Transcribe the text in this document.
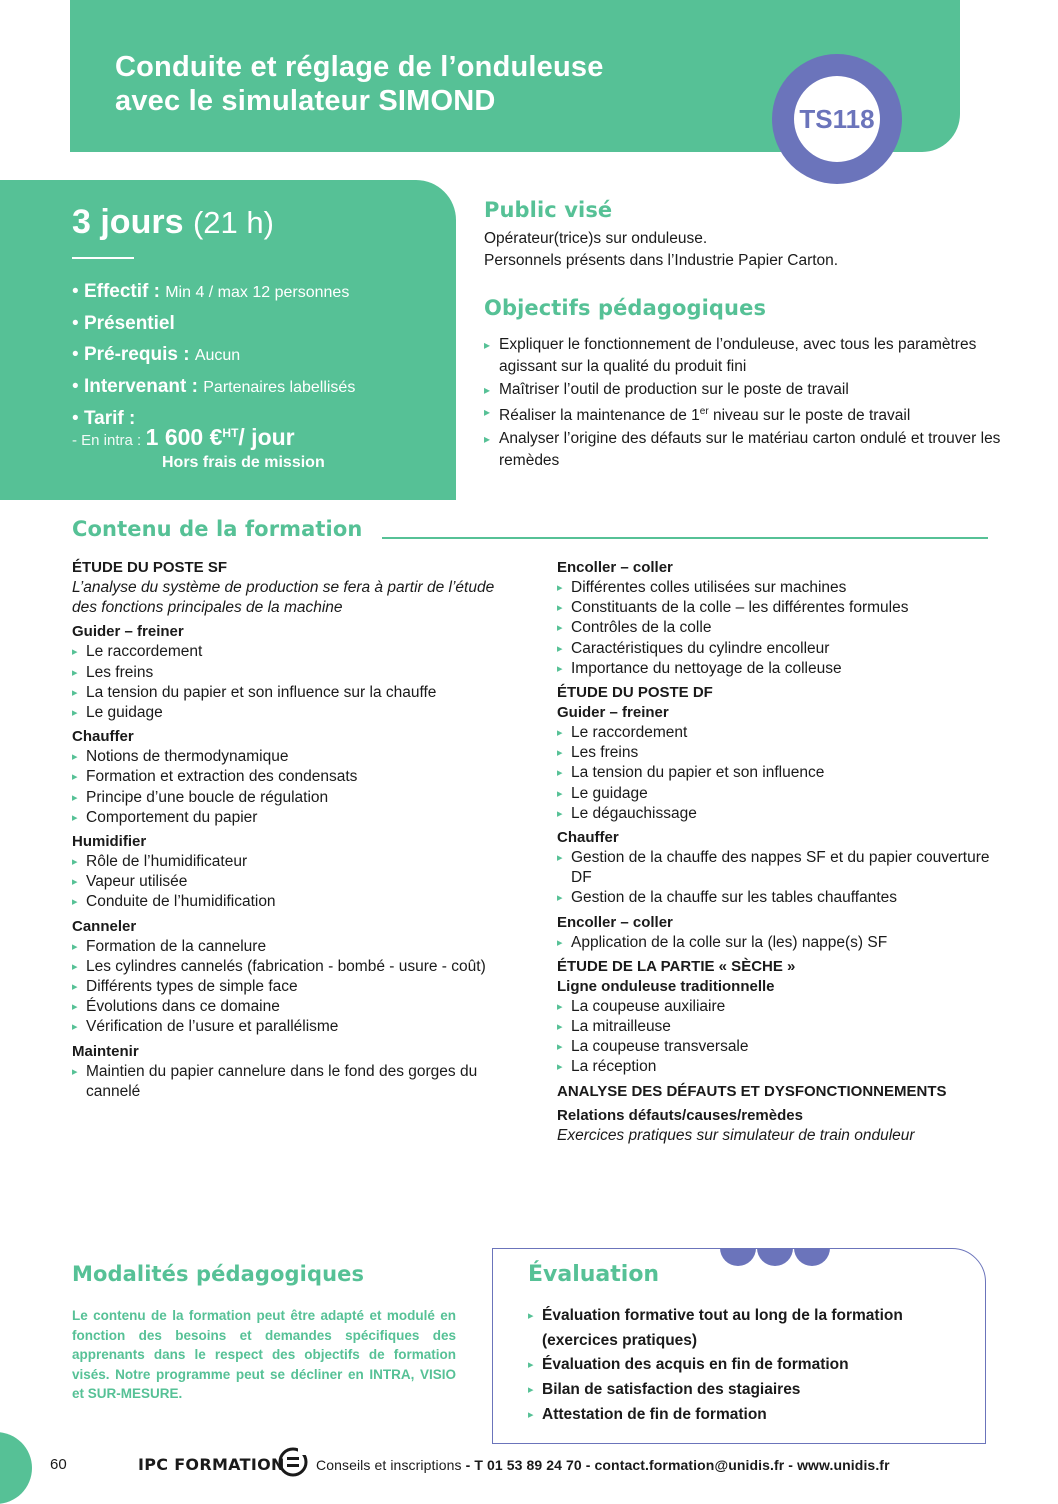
Conduite et réglage de l’onduleuse
avec le simulateur SIMOND
TS118
3 jours (21 h)
• Effectif : Min 4 / max 12 personnes
• Présentiel
• Pré-requis : Aucun
• Intervenant : Partenaires labellisés
• Tarif :
- En intra : 1 600 €$^{HT}$/ jour
Hors frais de mission
Public visé
Opérateur(trice)s sur onduleuse.
Personnels présents dans l’Industrie Papier Carton.
Objectifs pédagogiques
▸ Expliquer le fonctionnement de l’onduleuse, avec tous les paramètres agissant sur la qualité du produit fini
▸ Maîtriser l’outil de production sur le poste de travail
▸ Réaliser la maintenance de 1er niveau sur le poste de travail
▸ Analyser l’origine des défauts sur le matériau carton ondulé et trouver les remèdes
Contenu de la formation
ÉTUDE DU POSTE SF
L’analyse du système de production se fera à partir de l’étude des fonctions principales de la machine
Guider – freiner
▸ Le raccordement
▸ Les freins
▸ La tension du papier et son influence sur la chauffe
▸ Le guidage
Chauffer
▸ Notions de thermodynamique
▸ Formation et extraction des condensats
▸ Principe d’une boucle de régulation
▸ Comportement du papier
Humidifier
▸ Rôle de l’humidificateur
▸ Vapeur utilisée
▸ Conduite de l’humidification
Canneler
▸ Formation de la cannelure
▸ Les cylindres cannelés (fabrication - bombé - usure - coût)
▸ Différents types de simple face
▸ Évolutions dans ce domaine
▸ Vérification de l’usure et parallélisme
Maintenir
▸ Maintien du papier cannelure dans le fond des gorges du cannelé
Encoller – coller
▸ Différentes colles utilisées sur machines
▸ Constituants de la colle – les différentes formules
▸ Contrôles de la colle
▸ Caractéristiques du cylindre encolleur
▸ Importance du nettoyage de la colleuse
ÉTUDE DU POSTE DF
Guider – freiner
▸ Le raccordement
▸ Les freins
▸ La tension du papier et son influence
▸ Le guidage
▸ Le dégauchissage
Chauffer
▸ Gestion de la chauffe des nappes SF et du papier couverture DF
▸ Gestion de la chauffe sur les tables chauffantes
Encoller – coller
▸ Application de la colle sur la (les) nappe(s) SF
ÉTUDE DE LA PARTIE « SÈCHE »
Ligne onduleuse traditionnelle
▸ La coupeuse auxiliaire
▸ La mitrailleuse
▸ La coupeuse transversale
▸ La réception
ANALYSE DES DÉFAUTS ET DYSFONCTIONNEMENTS
Relations défauts/causes/remèdes
Exercices pratiques sur simulateur de train onduleur
Modalités pédagogiques
Le contenu de la formation peut être adapté et modulé en fonction des besoins et demandes spécifiques des apprenants dans le respect des objectifs de formation visés. Notre programme peut se décliner en INTRA, VISIO et SUR-MESURE.
Évaluation
▸ Évaluation formative tout au long de la formation (exercices pratiques)
▸ Évaluation des acquis en fin de formation
▸ Bilan de satisfaction des stagiaires
▸ Attestation de fin de formation
60	IPC FORMATION Conseils et inscriptions - T 01 53 89 24 70 - contact.formation@unidis.fr - www.unidis.fr
